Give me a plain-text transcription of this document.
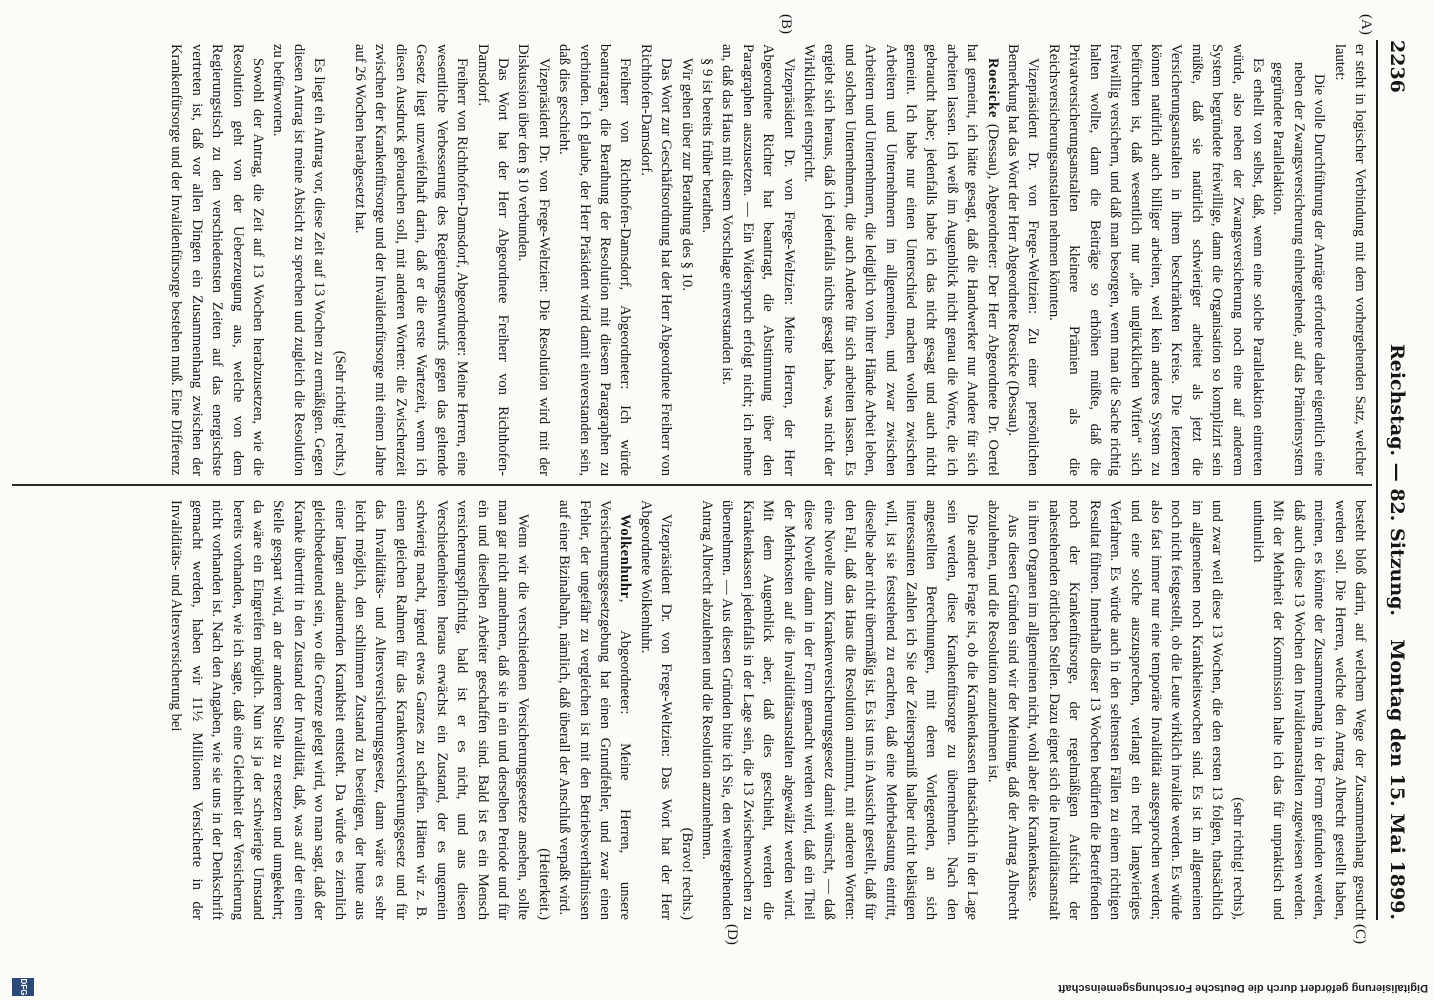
2236
Reichstag. — 82. Sitzung.
Montag den 15. Mai 1899.
(A)
(B)
(C)
(D)

er steht in logischer Verbindung mit dem vorhergehenden Satz, welcher lautet:

Die volle Durchführung der Anträge erfordere daher eigentlich eine neben der Zwangsversicherung einhergehende, auf das Prämiensystem gegründete Parallelaktion.

Es erhellt von selbst, daß, wenn eine solche Parallelaktion eintreten würde, also neben der Zwangsversicherung noch eine auf anderem System begründete freiwillige, dann die Organisation so komplizirt sein müßte, daß sie natürlich schwieriger arbeitet als jetzt die Versicherungsanstalten in ihrem beschränkten Kreise. Die letzteren können natürlich auch billiger arbeiten, weil kein anderes System zu befürchten ist, daß wesentlich nur „die unglücklichen Witfen“ sich freiwillig versichern, und daß man besorgen, wenn man die Sache richtig halten wollte, dann die Beiträge so erhöhen müßte, daß die Privatversicherungsanstalten kleinere Prämien als die Reichsversicherungsanstalten nehmen könnten.

Vizepräsident Dr. von Frege-Weltzien: Zu einer persönlichen Bemerkung hat das Wort der Herr Abgeordnete Roesicke (Dessau).

Roesicke (Dessau), Abgeordneter: Der Herr Abgeordnete Dr. Oertel hat gemeint, ich hätte gesagt, daß die Handwerker nur Andere für sich arbeiten lassen. Ich weiß im Augenblick nicht genau die Worte, die ich gebraucht habe; jedenfalls habe ich das nicht gesagt und auch nicht gemeint. Ich habe nur einen Unterschied machen wollen zwischen Arbeitern und Unternehmern im allgemeinen, und zwar zwischen Arbeitern und Unternehmern, die lediglich von ihrer Hände Arbeit leben, und solchen Unternehmern, die auch Andere für sich arbeiten lassen. Es ergiebt sich heraus, daß ich jedenfalls nichts gesagt habe, was nicht der Wirklichkeit entspricht.

Vizepräsident Dr. von Frege-Weltzien: Meine Herren, der Herr Abgeordnete Richter hat beantragt, die Abstimmung über den Paragraphen auszusetzen. — Ein Widerspruch erfolgt nicht; ich nehme an, daß das Haus mit diesem Vorschlage einverstanden ist.

§ 9 ist bereits früher berathen.

Wir gehen über zur Berathung des § 10.

Das Wort zur Geschäftsordnung hat der Herr Abgeordnete Freiherr von Richthofen-Damsdorf.

Freiherr von Richthofen-Damsdorf, Abgeordneter: Ich würde beantragen, die Berathung der Resolution mit diesem Paragraphen zu verbinden. Ich glaube, der Herr Präsident wird damit einverstanden sein, daß dies geschieht.

Vizepräsident Dr. von Frege-Weltzien: Die Resolution wird mit der Diskussion über den § 10 verbunden.

Das Wort hat der Herr Abgeordnete Freiherr von Richthofen-Damsdorf.

Freiherr von Richthofen-Damsdorf, Abgeordneter: Meine Herren, eine wesentliche Verbesserung des Regierungsentwurfs gegen das geltende Gesetz liegt unzweifelhaft darin, daß er die erste Wartezeit, wenn ich diesen Ausdruck gebrauchen soll, mit anderen Worten: die Zwischenzeit zwischen der Krankenfürsorge und der Invalidenfürsorge mit einem Jahre auf 26 Wochen herabgesetzt hat.

(Sehr richtig! rechts.)

Es liegt ein Antrag vor, diese Zeit auf 13 Wochen zu ermäßigen. Gegen diesen Antrag ist meine Absicht zu sprechen und zugleich die Resolution zu befürworten.

Sowohl der Antrag, die Zeit auf 13 Wochen herabzusetzen, wie die Resolution geht von der Ueberzeugung aus, welche von dem Regierungstisch zu den verschiedensten Zeiten auf das energischste vertreten ist, daß vor allen Dingen ein Zusammenhang zwischen der Krankenfürsorge und der Invalidenfürsorge bestehen muß. Eine Differenz

besteht bloß darin, auf welchem Wege der Zusammenhang gesucht werden soll. Die Herren, welche den Antrag Albrecht gestellt haben, meinen, es könnte der Zusammenhang in der Form gefunden werden, daß auch diese 13 Wochen den Invalidenanstalten zugewiesen werden. Mit der Mehrheit der Kommission halte ich das für unpraktisch und unthunlich

(sehr richtig! rechts),

und zwar weil diese 13 Wochen, die den ersten 13 folgen, thatsächlich im allgemeinen noch Krankheitswochen sind. Es ist im allgemeinen noch nicht festgestellt, ob die Leute wirklich invalide werden. Es würde also fast immer nur eine temporäre Invalidität ausgesprochen werden; und eine solche auszusprechen, verlangt ein recht langwieriges Verfahren. Es würde auch in den seltensten Fällen zu einem richtigen Resultat führen. Innerhalb dieser 13 Wochen bedürfen die Betreffenden noch der Krankenfürsorge, der regelmäßigen Aufsicht der nahestehenden örtlichen Stellen. Dazu eignet sich die Invaliditätsanstalt in ihren Organen im allgemeinen nicht, wohl aber die Krankenkasse.

Aus diesen Gründen sind wir der Meinung, daß der Antrag Albrecht abzulehnen, und die Resolution anzunehmen ist.

Die andere Frage ist, ob die Krankenkassen thatsächlich in der Lage sein werden, diese Krankenfürsorge zu übernehmen. Nach den angestellten Berechnungen, mit deren Vorlegenden, an sich interessanten Zahlen ich Sie der Zeitersparniß halber nicht belästigen will, ist sie feststehend zu erachten, daß eine Mehrbelastung eintritt, dieselbe aber nicht übermäßig ist. Es ist uns in Aussicht gestellt, daß für den Fall, daß das Haus die Resolution annimmt, mit anderen Worten: eine Novelle zum Krankenversicherungsgesetz damit wünscht, — daß diese Novelle dann in der Form gemacht werden wird, daß ein Theil der Mehrkosten auf die Invaliditätsanstalten abgewälzt werden wird. Mit dem Augenblick aber, daß dies geschieht, werden die Krankenkassen jedenfalls in der Lage sein, die 13 Zwischenwochen zu übernehmen. — Aus diesen Gründen bitte ich Sie, den weitergehenden Antrag Albrecht abzulehnen und die Resolution anzunehmen.

(Bravo! rechts.)

Vizepräsident Dr. von Frege-Weltzien: Das Wort hat der Herr Abgeordnete Wolkenhuhr.

Wolkenhuhr, Abgeordneter: Meine Herren, unsere Versicherungsgesetzgebung hat einen Grundfehler, und zwar einen Fehler, der ungefähr zu vergleichen ist mit den Betriebsverhältnissen auf einer Bizinalbahn, nämlich, daß überall der Anschluß verpaßt wird.

(Heiterkeit.)

Wenn wir die verschiedenen Versicherungsgesetze ansehen, sollte man gar nicht annehmen, daß sie in ein und derselben Periode und für ein und dieselben Arbeiter geschaffen sind. Bald ist es ein Mensch versicherungspflichtig, bald ist er es nicht, und aus diesen Verschiedenheiten heraus erwächst ein Zustand, der es ungemein schwierig macht, irgend etwas Ganzes zu schaffen. Hätten wir z. B. einen gleichen Rahmen für das Krankenversicherungsgesetz und für das Invaliditäts- und Altersversicherungsgesetz, dann wäre es sehr leicht möglich, den schlimmen Zustand zu beseitigen, der heute aus einer langen andauernden Krankheit entsteht. Da würde es ziemlich gleichbedeutend sein, wo die Grenze gelegt wird, wo man sagt, daß der Kranke übertritt in den Zustand der Invalidität, daß, was auf der einen Stelle gespart wird, an der anderen Stelle zu ersetzen und umgekehrt; da wäre ein Eingreifen möglich. Nun ist ja der schwierige Umstand bereits vorhanden, wie ich sagte, daß eine Gleichheit der Versicherung nicht vorhanden ist. Nach den Angaben, wie sie uns in der Denkschrift gemacht werden, haben wir 11½ Millionen Versicherte in der Invaliditäts- und Altersversicherung bei

Digitalisierung gefördert durch die Deutsche Forschungsgemeinschaft
DFG
